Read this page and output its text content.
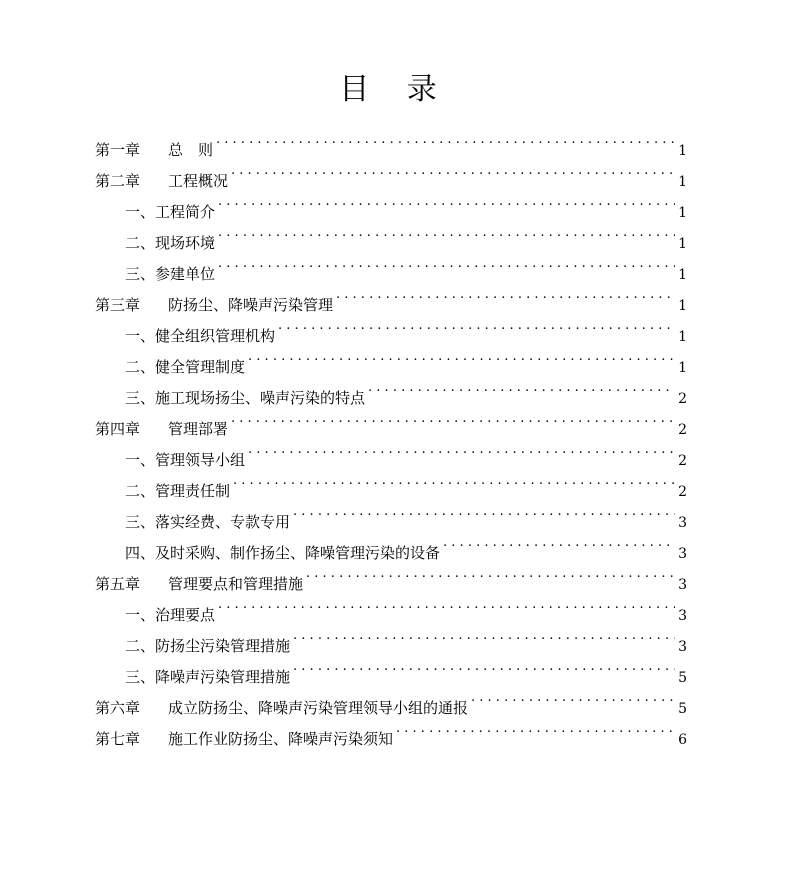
目 录
第一章	总　则 . . .	1
第二章	工程概况 . . .	1
一、 工程简介 . . .	1
二、 现场环境 . . .	1
三、 参建单位 . . .	1
第三章	防扬尘、降噪声污染管理 . . .	1
一、 健全组织管理机构 . . .	1
二、 健全管理制度 . . .	1
三、 施工现场扬尘、噪声污染的特点 . . .	2
第四章	管理部署 . . .	2
一、 管理领导小组 . . .	2
二、 管理责任制 . . .	2
三、 落实经费、专款专用 . . .	3
四、 及时采购、制作扬尘、降噪管理污染的设备 . . .	3
第五章	管理要点和管理措施 . . .	3
一、 治理要点 . . .	3
二、 防扬尘污染管理措施 . . .	3
三、 降噪声污染管理措施 . . .	5
第六章	成立防扬尘、降噪声污染管理领导小组的通报 . . .	5
第七章	施工作业防扬尘、降噪声污染须知 . . .	6
